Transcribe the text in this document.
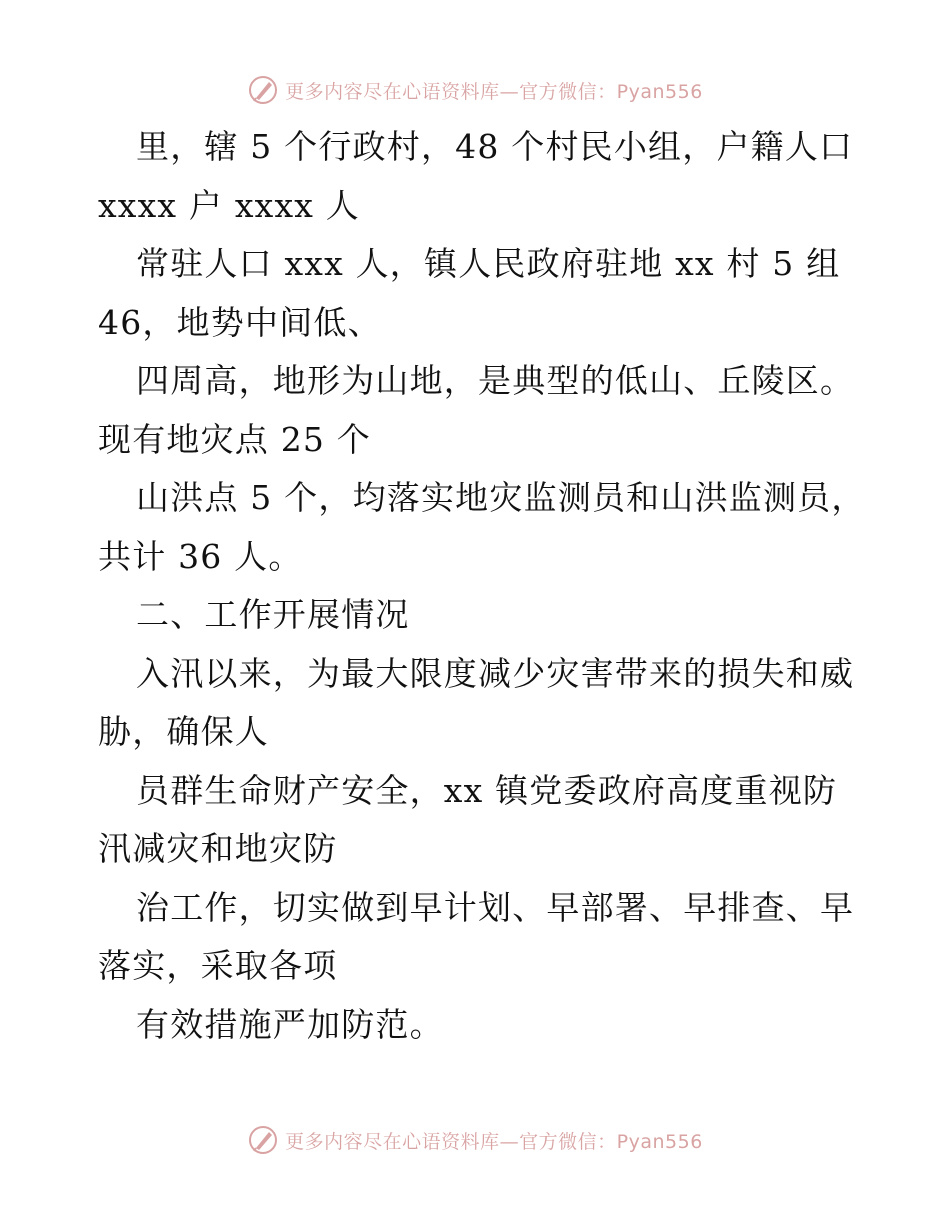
更多内容尽在心语资料库—官方微信：Pyan556
里，辖 5 个行政村，48 个村民小组，户籍人口
xxxx 户 xxxx 人
常驻人口 xxx 人，镇人民政府驻地 xx 村 5 组
46，地势中间低、
四周高，地形为山地，是典型的低山、丘陵区。
现有地灾点 25 个
山洪点 5 个，均落实地灾监测员和山洪监测员，
共计 36 人。
二、工作开展情况
入汛以来，为最大限度减少灾害带来的损失和威
胁，确保人
员群生命财产安全，xx 镇党委政府高度重视防
汛减灾和地灾防
治工作，切实做到早计划、早部署、早排查、早
落实，采取各项
有效措施严加防范。
更多内容尽在心语资料库—官方微信：Pyan556
